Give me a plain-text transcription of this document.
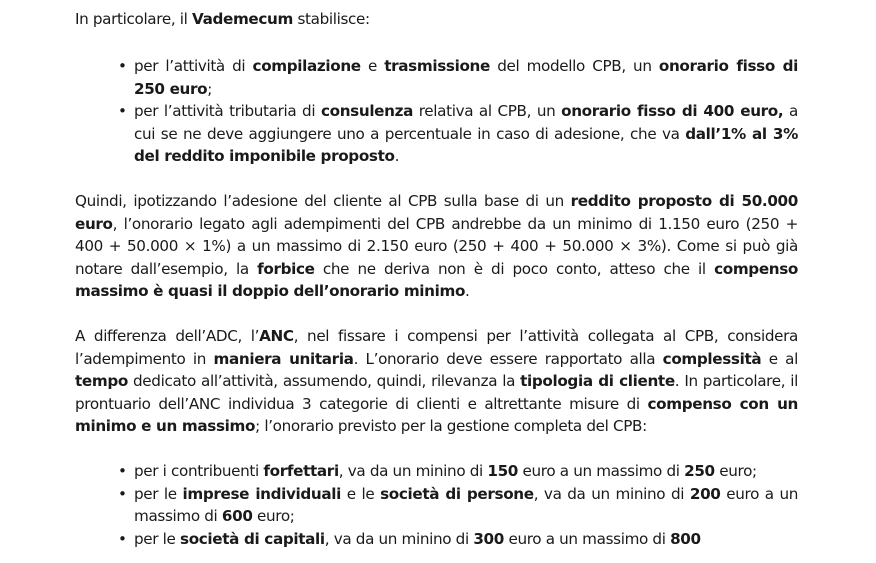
In particolare, il Vademecum stabilisce:

• per l’attività di compilazione e trasmissione del modello CPB, un onorario fisso di 250 euro;
• per l’attività tributaria di consulenza relativa al CPB, un onorario fisso di 400 euro, a cui se ne deve aggiungere uno a percentuale in caso di adesione, che va dall’1% al 3% del reddito imponibile proposto.

Quindi, ipotizzando l’adesione del cliente al CPB sulla base di un reddito proposto di 50.000 euro, l’onorario legato agli adempimenti del CPB andrebbe da un minimo di 1.150 euro (250 + 400 + 50.000 × 1%) a un massimo di 2.150 euro (250 + 400 + 50.000 × 3%). Come si può già notare dall’esempio, la forbice che ne deriva non è di poco conto, atteso che il compenso massimo è quasi il doppio dell’onorario minimo.

A differenza dell’ADC, l’ANC, nel fissare i compensi per l’attività collegata al CPB, considera l’adempimento in maniera unitaria. L’onorario deve essere rapportato alla complessità e al tempo dedicato all’attività, assumendo, quindi, rilevanza la tipologia di cliente. In particolare, il prontuario dell’ANC individua 3 categorie di clienti e altrettante misure di compenso con un minimo e un massimo; l’onorario previsto per la gestione completa del CPB:

• per i contribuenti forfettari, va da un minino di 150 euro a un massimo di 250 euro;
• per le imprese individuali e le società di persone, va da un minino di 200 euro a un massimo di 600 euro;
• per le società di capitali, va da un minino di 300 euro a un massimo di 800
